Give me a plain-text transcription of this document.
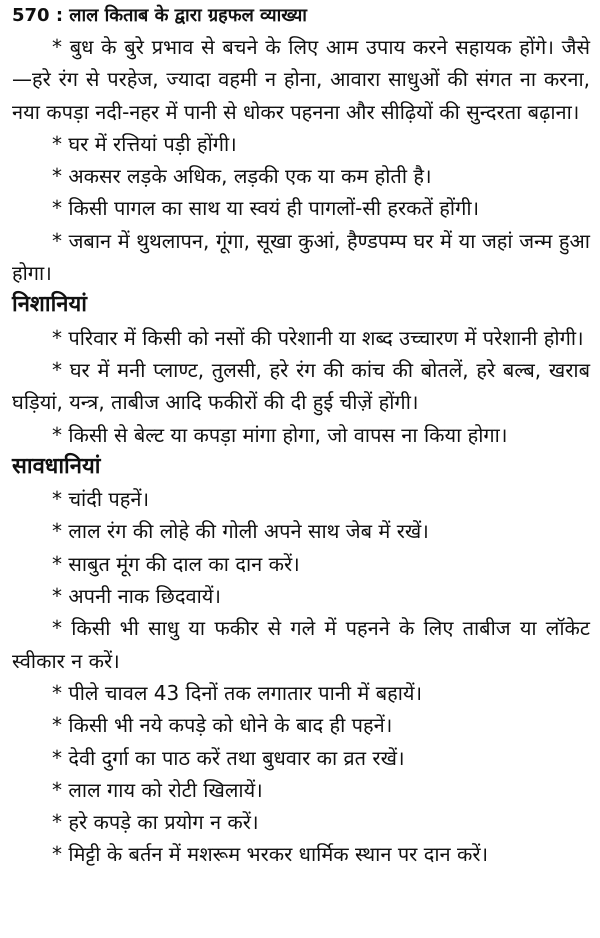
570 : लाल किताब के द्वारा ग्रहफल व्याख्या

* बुध के बुरे प्रभाव से बचने के लिए आम उपाय करने सहायक होंगे। जैसे—हरे रंग से परहेज, ज्यादा वहमी न होना, आवारा साधुओं की संगत ना करना, नया कपड़ा नदी-नहर में पानी से धोकर पहनना और सीढ़ियों की सुन्दरता बढ़ाना।

* घर में रत्तियां पड़ी होंगी।

* अकसर लड़के अधिक, लड़की एक या कम होती है।

* किसी पागल का साथ या स्वयं ही पागलों-सी हरकतें होंगी।

* जबान में थुथलापन, गूंगा, सूखा कुआं, हैण्डपम्प घर में या जहां जन्म हुआ होगा।

निशानियां

* परिवार में किसी को नसों की परेशानी या शब्द उच्चारण में परेशानी होगी।

* घर में मनी प्लाण्ट, तुलसी, हरे रंग की कांच की बोतलें, हरे बल्ब, खराब घड़ियां, यन्त्र, ताबीज आदि फकीरों की दी हुई चीज़ें होंगी।

* किसी से बेल्ट या कपड़ा मांगा होगा, जो वापस ना किया होगा।

सावधानियां

* चांदी पहनें।

* लाल रंग की लोहे की गोली अपने साथ जेब में रखें।

* साबुत मूंग की दाल का दान करें।

* अपनी नाक छिदवायें।

* किसी भी साधु या फकीर से गले में पहनने के लिए ताबीज या लॉकेट स्वीकार न करें।

* पीले चावल 43 दिनों तक लगातार पानी में बहायें।

* किसी भी नये कपड़े को धोने के बाद ही पहनें।

* देवी दुर्गा का पाठ करें तथा बुधवार का व्रत रखें।

* लाल गाय को रोटी खिलायें।

* हरे कपड़े का प्रयोग न करें।

* मिट्टी के बर्तन में मशरूम भरकर धार्मिक स्थान पर दान करें।
